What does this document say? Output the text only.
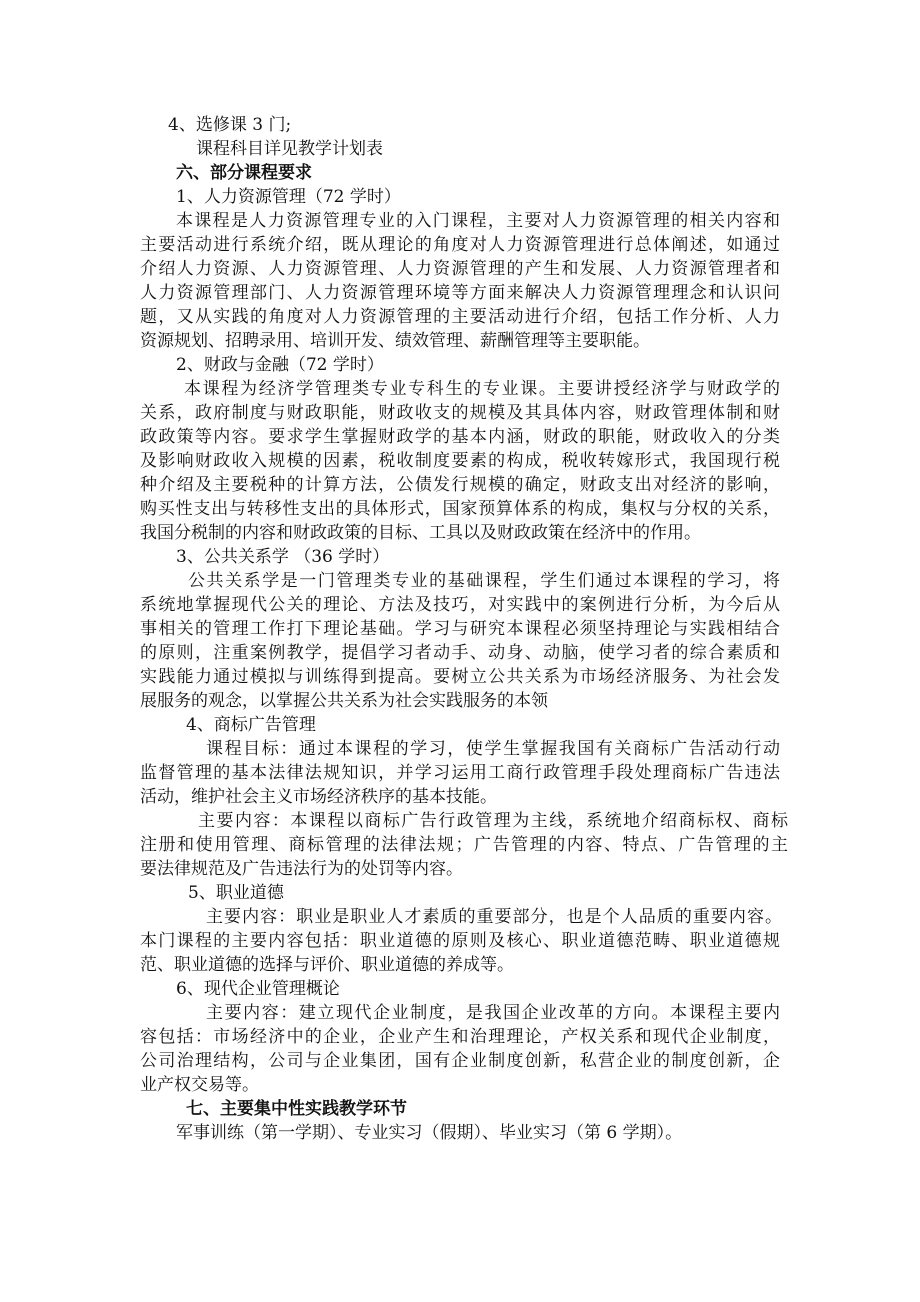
4、选修课 3 门;

课程科目详见教学计划表

六、部分课程要求

1、人力资源管理（72 学时）

本课程是人力资源管理专业的入门课程，主要对人力资源管理的相关内容和

主要活动进行系统介绍，既从理论的角度对人力资源管理进行总体阐述，如通过

介绍人力资源、人力资源管理、人力资源管理的产生和发展、人力资源管理者和

人力资源管理部门、人力资源管理环境等方面来解决人力资源管理理念和认识问

题，又从实践的角度对人力资源管理的主要活动进行介绍，包括工作分析、人力

资源规划、招聘录用、培训开发、绩效管理、薪酬管理等主要职能。

2、财政与金融（72 学时）

本课程为经济学管理类专业专科生的专业课。主要讲授经济学与财政学的

关系，政府制度与财政职能，财政收支的规模及其具体内容，财政管理体制和财

政政策等内容。要求学生掌握财政学的基本内涵，财政的职能，财政收入的分类

及影响财政收入规模的因素，税收制度要素的构成，税收转嫁形式，我国现行税

种介绍及主要税种的计算方法，公债发行规模的确定，财政支出对经济的影响，

购买性支出与转移性支出的具体形式，国家预算体系的构成，集权与分权的关系，

我国分税制的内容和财政政策的目标、工具以及财政政策在经济中的作用。

3、公共关系学 （36 学时）

公共关系学是一门管理类专业的基础课程，学生们通过本课程的学习，将

系统地掌握现代公关的理论、方法及技巧，对实践中的案例进行分析，为今后从

事相关的管理工作打下理论基础。学习与研究本课程必须坚持理论与实践相结合

的原则，注重案例教学，提倡学习者动手、动身、动脑，使学习者的综合素质和

实践能力通过模拟与训练得到提高。要树立公共关系为市场经济服务、为社会发

展服务的观念，以掌握公共关系为社会实践服务的本领

4、商标广告管理

课程目标：通过本课程的学习，使学生掌握我国有关商标广告活动行动

监督管理的基本法律法规知识，并学习运用工商行政管理手段处理商标广告违法

活动，维护社会主义市场经济秩序的基本技能。

主要内容：本课程以商标广告行政管理为主线，系统地介绍商标权、商标

注册和使用管理、商标管理的法律法规；广告管理的内容、特点、广告管理的主

要法律规范及广告违法行为的处罚等内容。

5、职业道德

主要内容：职业是职业人才素质的重要部分，也是个人品质的重要内容。

本门课程的主要内容包括：职业道德的原则及核心、职业道德范畴、职业道德规

范、职业道德的选择与评价、职业道德的养成等。

6、现代企业管理概论

主要内容：建立现代企业制度，是我国企业改革的方向。本课程主要内

容包括：市场经济中的企业，企业产生和治理理论，产权关系和现代企业制度，

公司治理结构，公司与企业集团，国有企业制度创新，私营企业的制度创新，企

业产权交易等。

七、主要集中性实践教学环节

军事训练（第一学期）、专业实习（假期）、毕业实习（第 6 学期）。
